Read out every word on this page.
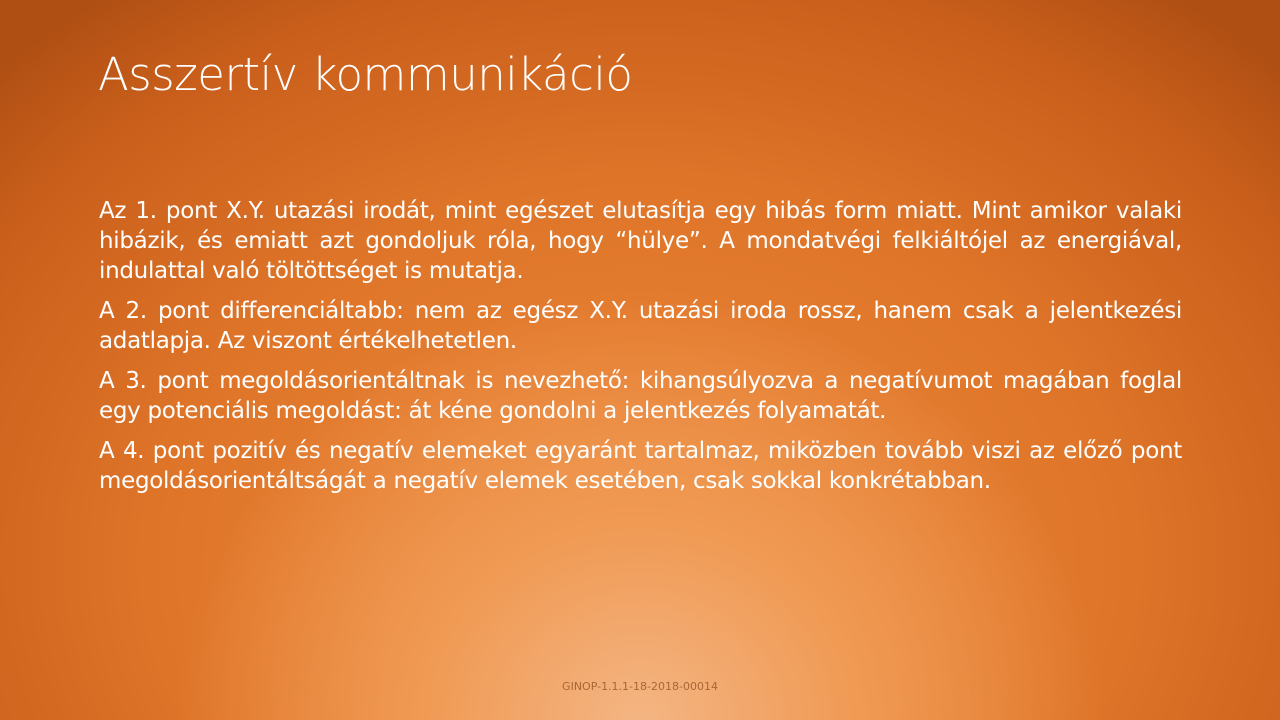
Asszertív kommunikáció

Az 1. pont X.Y. utazási irodát, mint egészet elutasítja egy hibás form miatt. Mint amikor valaki hibázik, és emiatt azt gondoljuk róla, hogy “hülye”. A mondatvégi felkiáltójel az energiával, indulattal való töltöttséget is mutatja.

A 2. pont differenciáltabb: nem az egész X.Y. utazási iroda rossz, hanem csak a jelentkezési adatlapja. Az viszont értékelhetetlen.

A 3. pont megoldásorientáltnak is nevezhető: kihangsúlyozva a negatívumot magában foglal egy potenciális megoldást: át kéne gondolni a jelentkezés folyamatát.

A 4. pont pozitív és negatív elemeket egyaránt tartalmaz, miközben tovább viszi az előző pont megoldásorientáltságát a negatív elemek esetében, csak sokkal konkrétabban.

GINOP-1.1.1-18-2018-00014
